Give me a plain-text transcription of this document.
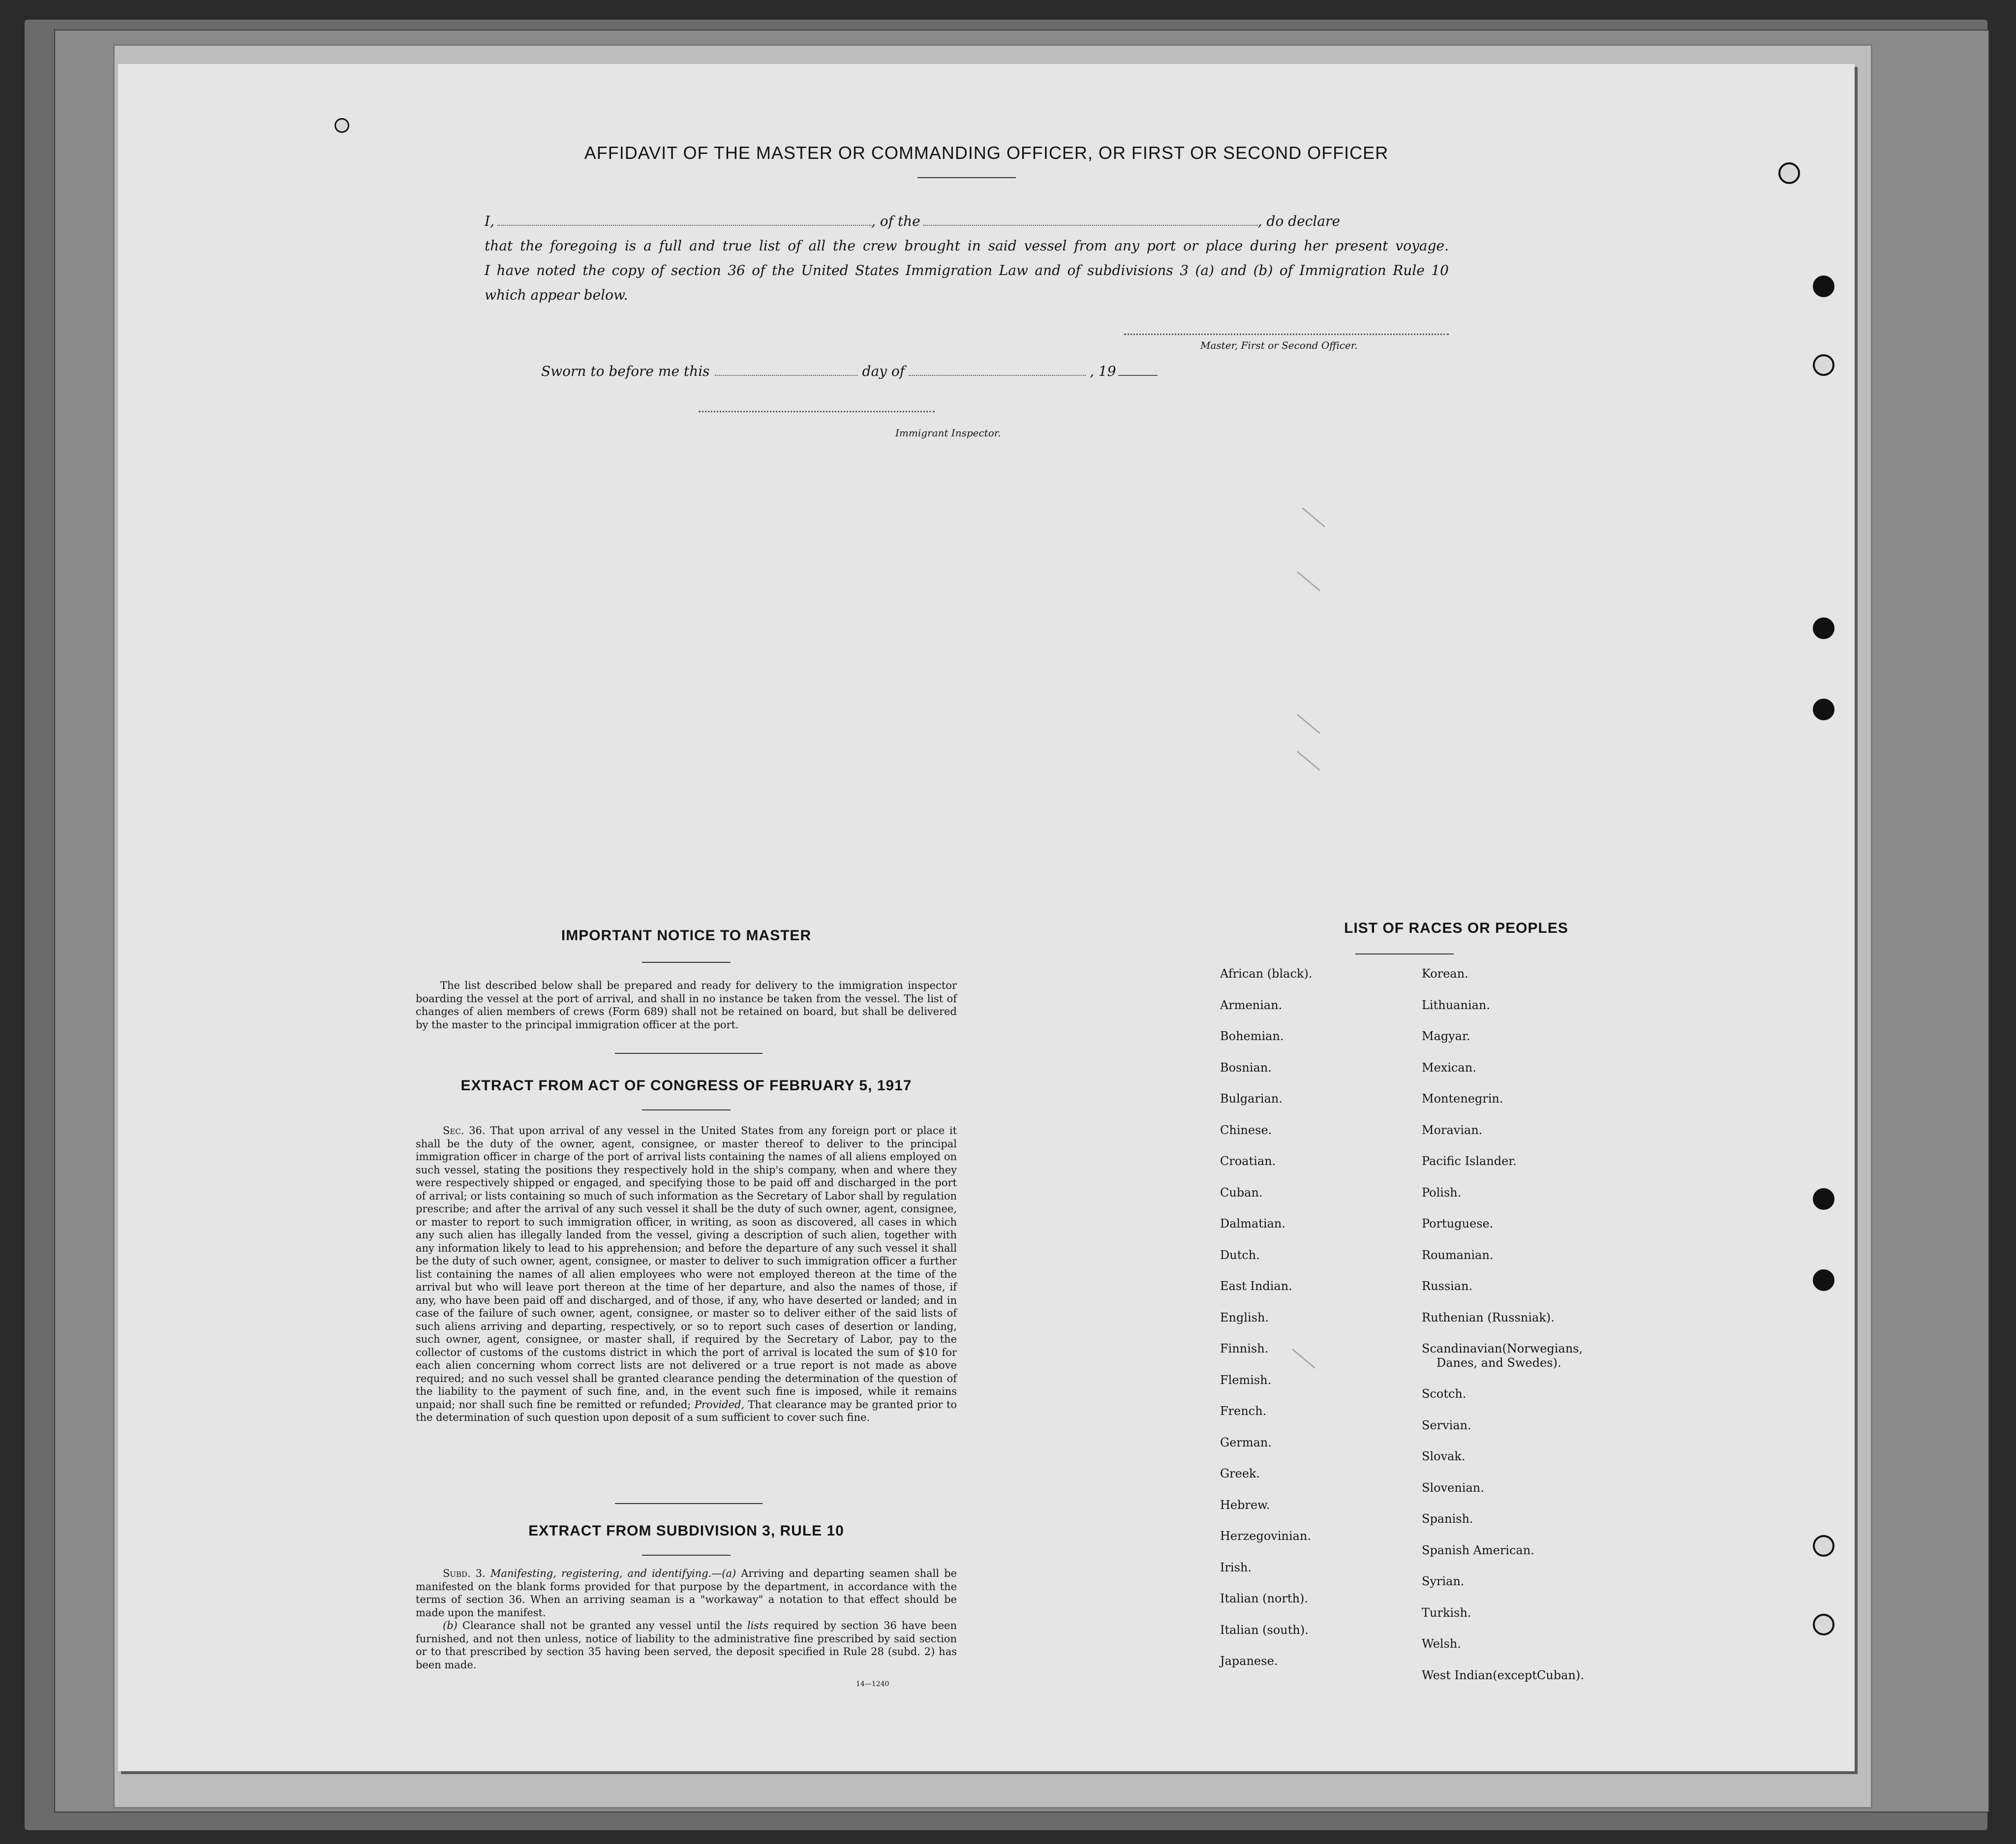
AFFIDAVIT OF THE MASTER OR COMMANDING OFFICER, OR FIRST OR SECOND OFFICER
I,	, of the	, do declare
that the foregoing is a full and true list of all the crew brought in said vessel from any port or place during her present voyage.
I have noted the copy of section 36 of the United States Immigration Law and of subdivisions 3 (a) and (b) of Immigration Rule 10
which appear below.
Master, First or Second Officer.
Sworn to before me this	day of	, 19
Immigrant Inspector.
IMPORTANT NOTICE TO MASTER
The list described below shall be prepared and ready for delivery to the immigration inspector boarding the vessel at the port of arrival, and shall in no instance be taken from the vessel. The list of changes of alien members of crews (Form 689) shall not be retained on board, but shall be delivered by the master to the principal immigration officer at the port.
EXTRACT FROM ACT OF CONGRESS OF FEBRUARY 5, 1917
Sec. 36. That upon arrival of any vessel in the United States from any foreign port or place it shall be the duty of the owner, agent, consignee, or master thereof to deliver to the principal immigration officer in charge of the port of arrival lists containing the names of all aliens employed on such vessel, stating the positions they respectively hold in the ship's company, when and where they were respectively shipped or engaged, and specifying those to be paid off and discharged in the port of arrival; or lists containing so much of such information as the Secretary of Labor shall by regulation prescribe; and after the arrival of any such vessel it shall be the duty of such owner, agent, consignee, or master to report to such immigration officer, in writing, as soon as discovered, all cases in which any such alien has illegally landed from the vessel, giving a description of such alien, together with any information likely to lead to his apprehension; and before the departure of any such vessel it shall be the duty of such owner, agent, consignee, or master to deliver to such immigration officer a further list containing the names of all alien employees who were not employed thereon at the time of the arrival but who will leave port thereon at the time of her departure, and also the names of those, if any, who have been paid off and discharged, and of those, if any, who have deserted or landed; and in case of the failure of such owner, agent, consignee, or master so to deliver either of the said lists of such aliens arriving and departing, respectively, or so to report such cases of desertion or landing, such owner, agent, consignee, or master shall, if required by the Secretary of Labor, pay to the collector of customs of the customs district in which the port of arrival is located the sum of $10 for each alien concerning whom correct lists are not delivered or a true report is not made as above required; and no such vessel shall be granted clearance pending the determination of the question of the liability to the payment of such fine, and, in the event such fine is imposed, while it remains unpaid; nor shall such fine be remitted or refunded; Provided, That clearance may be granted prior to the determination of such question upon deposit of a sum sufficient to cover such fine.
EXTRACT FROM SUBDIVISION 3, RULE 10

Subd. 3. Manifesting, registering, and identifying.—(a) Arriving and departing seamen shall be manifested on the blank forms provided for that purpose by the department, in accordance with the terms of section 36. When an arriving seaman is a "workaway" a notation to that effect should be made upon the manifest.

(b) Clearance shall not be granted any vessel until the lists required by section 36 have been furnished, and not then unless, notice of liability to the administrative fine prescribed by said section or to that prescribed by section 35 having been served, the deposit specified in Rule 28 (subd. 2) has been made.

14—1240
LIST OF RACES OR PEOPLES
African (black).
Armenian.
Bohemian.
Bosnian.
Bulgarian.
Chinese.
Croatian.
Cuban.
Dalmatian.
Dutch.
East Indian.
English.
Finnish.
Flemish.
French.
German.
Greek.
Hebrew.
Herzegovinian.
Irish.
Italian (north).
Italian (south).
Japanese.
Korean.
Lithuanian.
Magyar.
Mexican.
Montenegrin.
Moravian.
Pacific Islander.
Polish.
Portuguese.
Roumanian.
Russian.
Ruthenian (Russniak).
Scandinavian(Norwegians,
Danes, and Swedes).
Scotch.
Servian.
Slovak.
Slovenian.
Spanish.
Spanish American.
Syrian.
Turkish.
Welsh.
West Indian(exceptCuban).
